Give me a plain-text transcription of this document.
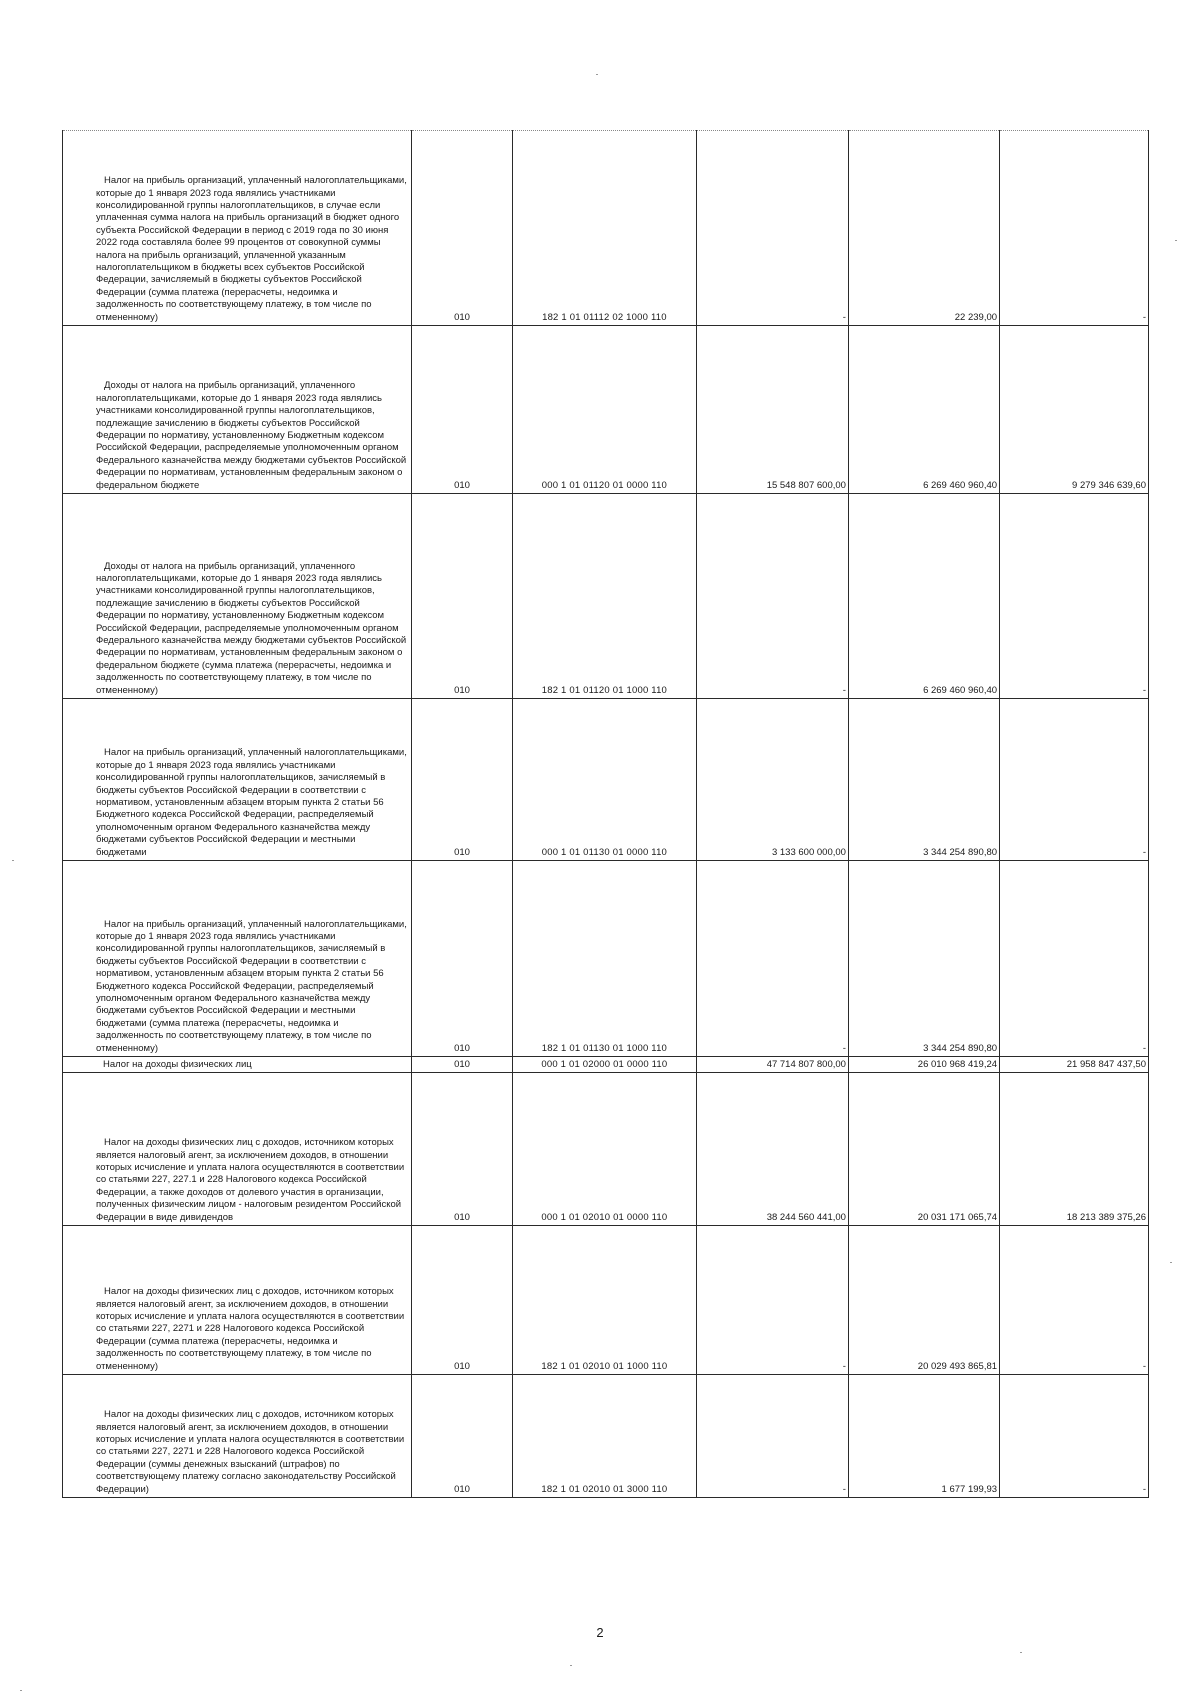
Налог на прибыль организаций, уплаченный налогоплательщиками, которые до 1 января 2023 года являлись участниками консолидированной группы налогоплательщиков, в случае если уплаченная сумма налога на прибыль организаций в бюджет одного субъекта Российской Федерации в период с 2019 года по 30 июня 2022 года составляла более 99 процентов от совокупной суммы налога на прибыль организаций, уплаченной указанным налогоплательщиком в бюджеты всех субъектов Российской Федерации, зачисляемый в бюджеты субъектов Российской Федерации (сумма платежа (перерасчеты, недоимка и задолженность по соответствующему платежу, в том числе по отмененному)	010	182 1 01 01112 02 1000 110	-	22 239,00	-

Доходы от налога на прибыль организаций, уплаченного налогоплательщиками, которые до 1 января 2023 года являлись участниками консолидированной группы налогоплательщиков, подлежащие зачислению в бюджеты субъектов Российской Федерации по нормативу, установленному Бюджетным кодексом Российской Федерации, распределяемые уполномоченным органом Федерального казначейства между бюджетами субъектов Российской Федерации по нормативам, установленным федеральным законом о федеральном бюджете	010	000 1 01 01120 01 0000 110	15 548 807 600,00	6 269 460 960,40	9 279 346 639,60

Доходы от налога на прибыль организаций, уплаченного налогоплательщиками, которые до 1 января 2023 года являлись участниками консолидированной группы налогоплательщиков, подлежащие зачислению в бюджеты субъектов Российской Федерации по нормативу, установленному Бюджетным кодексом Российской Федерации, распределяемые уполномоченным органом Федерального казначейства между бюджетами субъектов Российской Федерации по нормативам, установленным федеральным законом о федеральном бюджете (сумма платежа (перерасчеты, недоимка и задолженность по соответствующему платежу, в том числе по отмененному)	010	182 1 01 01120 01 1000 110	-	6 269 460 960,40	-

Налог на прибыль организаций, уплаченный налогоплательщиками, которые до 1 января 2023 года являлись участниками консолидированной группы налогоплательщиков, зачисляемый в бюджеты субъектов Российской Федерации в соответствии с нормативом, установленным абзацем вторым пункта 2 статьи 56 Бюджетного кодекса Российской Федерации, распределяемый уполномоченным органом Федерального казначейства между бюджетами субъектов Российской Федерации и местными бюджетами	010	000 1 01 01130 01 0000 110	3 133 600 000,00	3 344 254 890,80	-

Налог на прибыль организаций, уплаченный налогоплательщиками, которые до 1 января 2023 года являлись участниками консолидированной группы налогоплательщиков, зачисляемый в бюджеты субъектов Российской Федерации в соответствии с нормативом, установленным абзацем вторым пункта 2 статьи 56 Бюджетного кодекса Российской Федерации, распределяемый уполномоченным органом Федерального казначейства между бюджетами субъектов Российской Федерации и местными бюджетами (сумма платежа (перерасчеты, недоимка и задолженность по соответствующему платежу, в том числе по отмененному)	010	182 1 01 01130 01 1000 110	-	3 344 254 890,80	-

Налог на доходы физических лиц	010	000 1 01 02000 01 0000 110	47 714 807 800,00	26 010 968 419,24	21 958 847 437,50

Налог на доходы физических лиц с доходов, источником которых является налоговый агент, за исключением доходов, в отношении которых исчисление и уплата налога осуществляются в соответствии со статьями 227, 227.1 и 228 Налогового кодекса Российской Федерации, а также доходов от долевого участия в организации, полученных физическим лицом - налоговым резидентом Российской Федерации в виде дивидендов	010	000 1 01 02010 01 0000 110	38 244 560 441,00	20 031 171 065,74	18 213 389 375,26

Налог на доходы физических лиц с доходов, источником которых является налоговый агент, за исключением доходов, в отношении которых исчисление и уплата налога осуществляются в соответствии со статьями 227, 2271 и 228 Налогового кодекса Российской Федерации (сумма платежа (перерасчеты, недоимка и задолженность по соответствующему платежу, в том числе по отмененному)	010	182 1 01 02010 01 1000 110	-	20 029 493 865,81	-

Налог на доходы физических лиц с доходов, источником которых является налоговый агент, за исключением доходов, в отношении которых исчисление и уплата налога осуществляются в соответствии со статьями 227, 2271 и 228 Налогового кодекса Российской Федерации (суммы денежных взысканий (штрафов) по соответствующему платежу согласно законодательству Российской Федерации)	010	182 1 01 02010 01 3000 110	-	1 677 199,93	-
2
